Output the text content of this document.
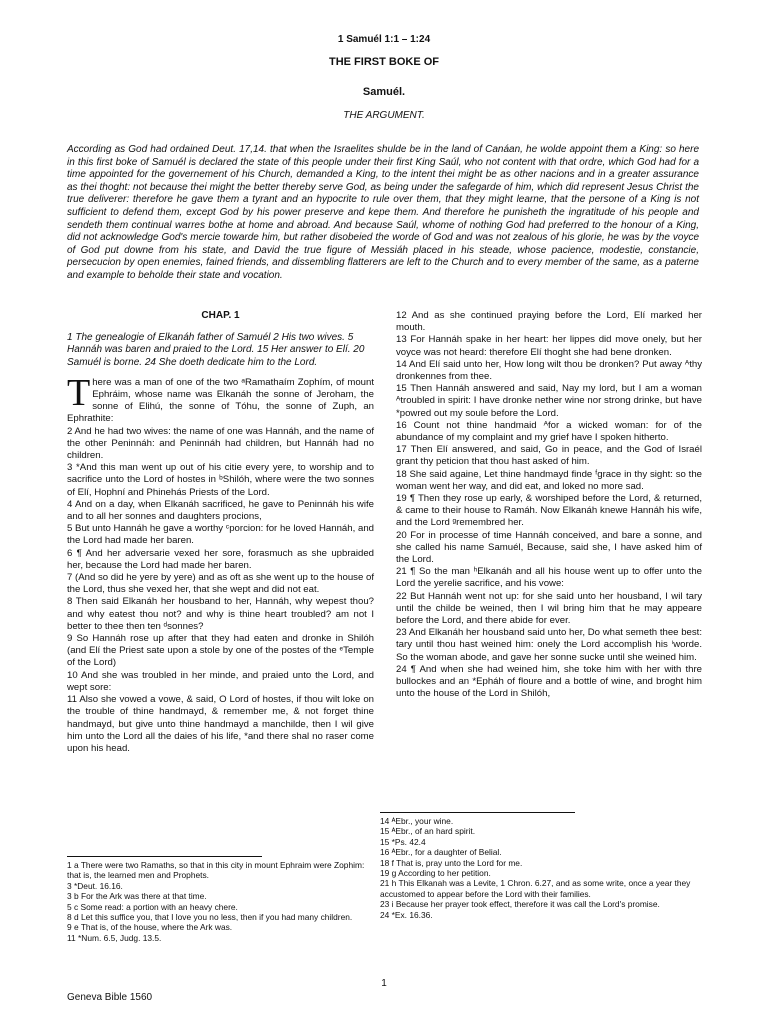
1 Samuél 1:1 – 1:24
THE FIRST BOKE OF
Samuél.
THE ARGUMENT.

According as God had ordained Deut. 17,14. that when the Israelites shulde be in the land of Canáan, he wolde appoint them a King: so here in this first boke of Samuél is declared the state of this people under their first King Saúl, who not content with that ordre, which God had for a time appointed for the governement of his Church, demanded a King, to the intent thei might be as other nacions and in a greater assurance as thei thoght: not because thei might the better thereby serve God, as being under the safegarde of him, which did represent Jesus Christ the true deliverer: therefore he gave them a tyrant and an hypocrite to rule over them, that they might learne, that the persone of a King is not sufficient to defend them, except God by his power preserve and kepe them. And therefore he punisheth the ingratitude of his people and sendeth them continual warres bothe at home and abroad. And because Saúl, whome of nothing God had preferred to the honour of a King, did not acknowledge God's mercie towarde him, but rather disobeied the worde of God and was not zealous of his glorie, he was by the voyce of God put downe from his state, and David the true figure of Messiáh placed in his steade, whose pacience, modestie, constancie, persecucion by open enemies, fained friends, and dissembling flatterers are left to the Church and to every member of the same, as a paterne and example to beholde their state and vocation.

CHAP. 1

1 The genealogie of Elkanáh father of Samuél 2 His two wives. 5 Hannáh was baren and praied to the Lord. 15 Her answer to Elí. 20 Samuél is borne. 24 She doeth dedicate him to the Lord.

There was a man of one of the two ᵃRamathaím Zophím, of mount Ephráim, whose name was Elkanáh the sonne of Jeroham, the sonne of Elihú, the sonne of Tóhu, the sonne of Zuph, an Ephrathite:

2 And he had two wives: the name of one was Hannáh, and the name of the other Peninnáh: and Peninnáh had children, but Hannáh had no children.

3 *And this man went up out of his citie every yere, to worship and to sacrifice unto the Lord of hostes in ᵇShilóh, where were the two sonnes of Elí, Hophní and Phinehás Priests of the Lord.

4 And on a day, when Elkanáh sacrificed, he gave to Peninnáh his wife and to all her sonnes and daughters procions,

5 But unto Hannáh he gave a worthy ᶜporcion: for he loved Hannáh, and the Lord had made her baren.

6 ¶ And her adversarie vexed her sore, forasmuch as she upbraided her, because the Lord had made her baren.

7 (And so did he yere by yere) and as oft as she went up to the house of the Lord, thus she vexed her, that she wept and did not eat.

8 Then said Elkanáh her housband to her, Hannáh, why wepest thou? and why eatest thou not? and why is thine heart troubled? am not I better to thee then ten ᵈsonnes?

9 So Hannáh rose up after that they had eaten and dronke in Shilóh (and Elí the Priest sate upon a stole by one of the postes of the ᵉTemple of the Lord)

10 And she was troubled in her minde, and praied unto the Lord, and wept sore:

11 Also she vowed a vowe, & said, O Lord of hostes, if thou wilt loke on the trouble of thine handmayd, & remember me, & not forget thine handmayd, but give unto thine handmayd a manchilde, then I wil give him unto the Lord all the daies of his life, *and there shal no raser come upon his head.

12 And as she continued praying before the Lord, Elí marked her mouth.

13 For Hannáh spake in her heart: her lippes did move onely, but her voyce was not heard: therefore Elí thoght she had bene dronken.

14 And Elí said unto her, How long wilt thou be dronken? Put away ᴬthy dronkennes from thee.

15 Then Hannáh answered and said, Nay my lord, but I am a woman ᴬtroubled in spirit: I have dronke nether wine nor strong drinke, but have *powred out my soule before the Lord.

16 Count not thine handmaid ᴬfor a wicked woman: for of the abundance of my complaint and my grief have I spoken hitherto.

17 Then Elí answered, and said, Go in peace, and the God of Israél grant thy peticion that thou hast asked of him.

18 She said againe, Let thine handmayd finde ᶠgrace in thy sight: so the woman went her way, and did eat, and loked no more sad.

19 ¶ Then they rose up early, & worshiped before the Lord, & returned, & came to their house to Ramáh. Now Elkanáh knewe Hannáh his wife, and the Lord ᵍremembred her.

20 For in processe of time Hannáh conceived, and bare a sonne, and she called his name Samuél, Because, said she, I have asked him of the Lord.

21 ¶ So the man ʰElkanáh and all his house went up to offer unto the Lord the yerelie sacrifice, and his vowe:

22 But Hannáh went not up: for she said unto her housband, I wil tary until the childe be weined, then I wil bring him that he may appeare before the Lord, and there abide for ever.

23 And Elkanáh her housband said unto her, Do what semeth thee best: tary until thou hast weined him: onely the Lord accomplish his ⁱworde. So the woman abode, and gave her sonne sucke until she weined him.

24 ¶ And when she had weined him, she toke him with her with thre bullockes and an *Epháh of floure and a bottle of wine, and broght him unto the house of the Lord in Shilóh,

1 a There were two Ramaths, so that in this city in mount Ephraim were Zophim: that is, the learned men and Prophets.

3 *Deut. 16.16.

3 b For the Ark was there at that time.

5 c Some read: a portion with an heavy chere.

8 d Let this suffice you, that I love you no less, then if you had many children.

9 e That is, of the house, where the Ark was.

11 *Num. 6.5, Judg. 13.5.

14 ᴬEbr., your wine.

15 ᴬEbr., of an hard spirit.

15 *Ps. 42.4

16 ᴬEbr., for a daughter of Belial.

18 f That is, pray unto the Lord for me.

19 g According to her petition.

21 h This Elkanah was a Levite, 1 Chron. 6.27, and as some write, once a year they accustomed to appear before the Lord with their families.

23 i Because her prayer took effect, therefore it was call the Lord's promise.

24 *Ex. 16.36.

1
Geneva Bible 1560
